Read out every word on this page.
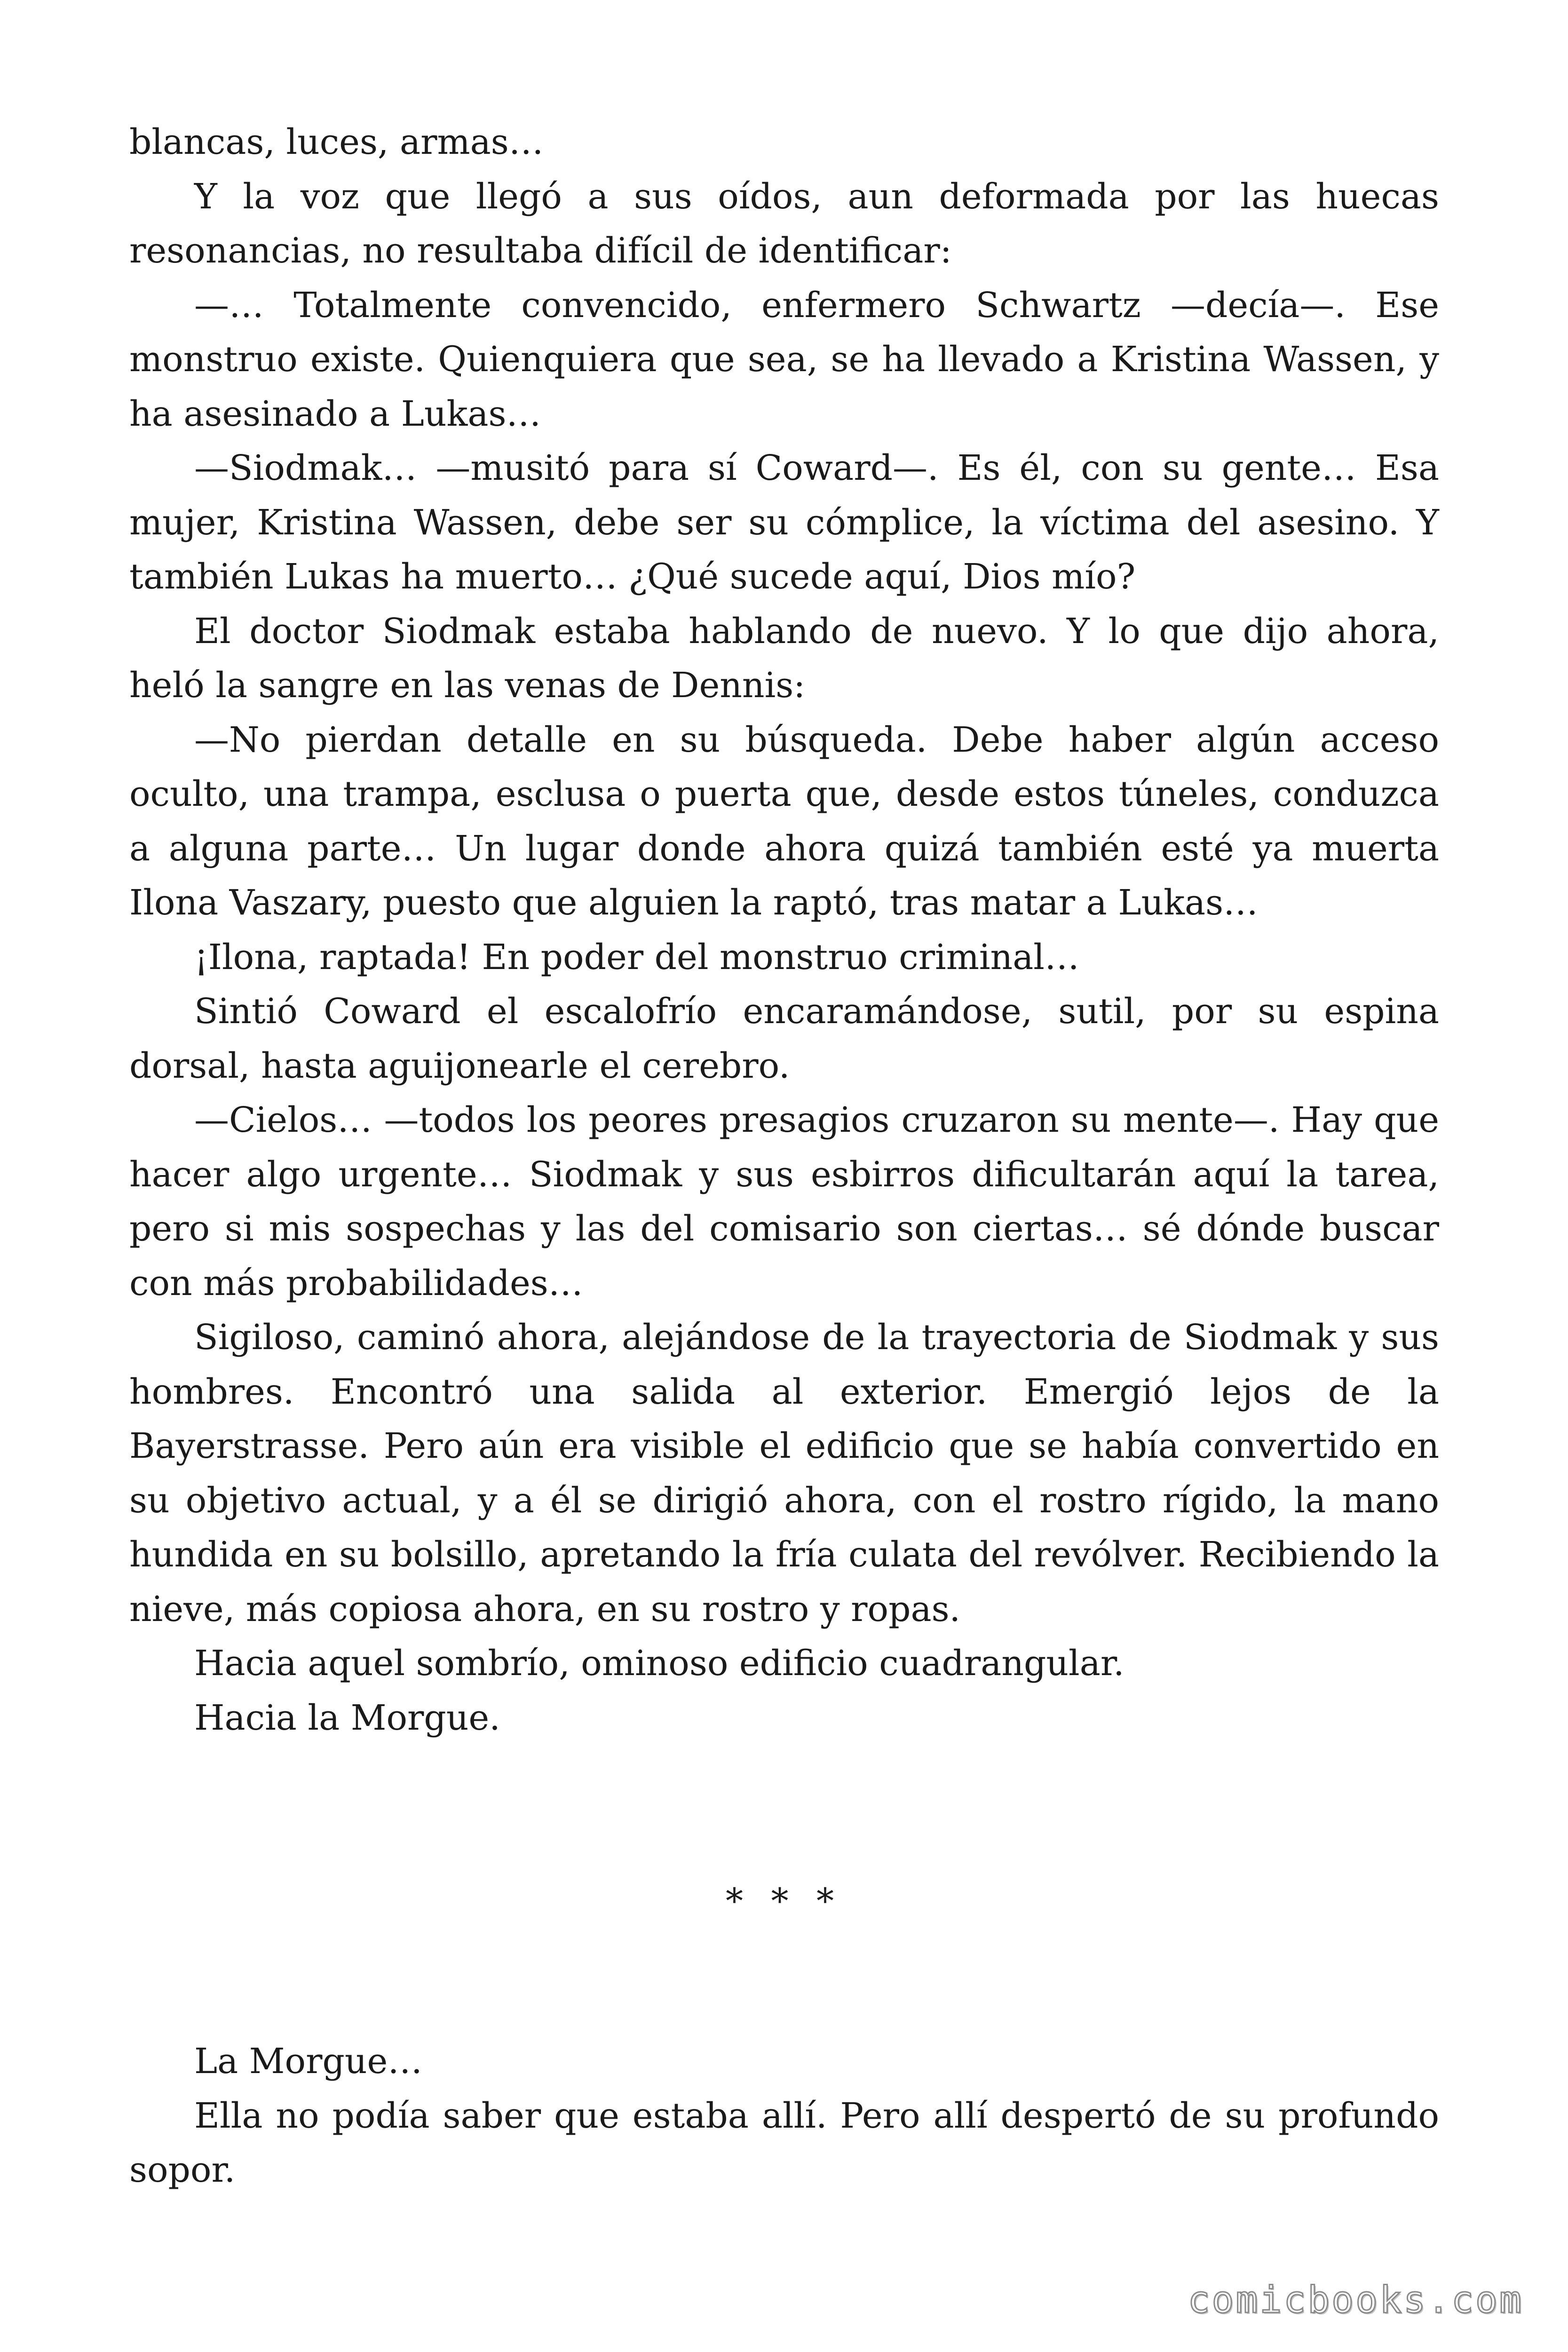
blancas, luces, armas…

Y la voz que llegó a sus oídos, aun deformada por las huecas resonancias, no resultaba difícil de identificar:

—… Totalmente convencido, enfermero Schwartz —decía—. Ese monstruo existe. Quienquiera que sea, se ha llevado a Kristina Wassen, y ha asesinado a Lukas…

—Siodmak… —musitó para sí Coward—. Es él, con su gente… Esa mujer, Kristina Wassen, debe ser su cómplice, la víctima del asesino. Y también Lukas ha muerto… ¿Qué sucede aquí, Dios mío?

El doctor Siodmak estaba hablando de nuevo. Y lo que dijo ahora, heló la sangre en las venas de Dennis:

—No pierdan detalle en su búsqueda. Debe haber algún acceso oculto, una trampa, esclusa o puerta que, desde estos túneles, conduzca a alguna parte… Un lugar donde ahora quizá también esté ya muerta Ilona Vaszary, puesto que alguien la raptó, tras matar a Lukas…

¡Ilona, raptada! En poder del monstruo criminal…

Sintió Coward el escalofrío encaramándose, sutil, por su espina dorsal, hasta aguijonearle el cerebro.

—Cielos… —todos los peores presagios cruzaron su mente—. Hay que hacer algo urgente… Siodmak y sus esbirros dificultarán aquí la tarea, pero si mis sospechas y las del comisario son ciertas… sé dónde buscar con más probabilidades…

Sigiloso, caminó ahora, alejándose de la trayectoria de Siodmak y sus hombres. Encontró una salida al exterior. Emergió lejos de la Bayerstrasse. Pero aún era visible el edificio que se había convertido en su objetivo actual, y a él se dirigió ahora, con el rostro rígido, la mano hundida en su bolsillo, apretando la fría culata del revólver. Recibiendo la nieve, más copiosa ahora, en su rostro y ropas.

Hacia aquel sombrío, ominoso edificio cuadrangular.

Hacia la Morgue.

* * *

La Morgue…

Ella no podía saber que estaba allí. Pero allí despertó de su profundo sopor.

comicbooks.com
